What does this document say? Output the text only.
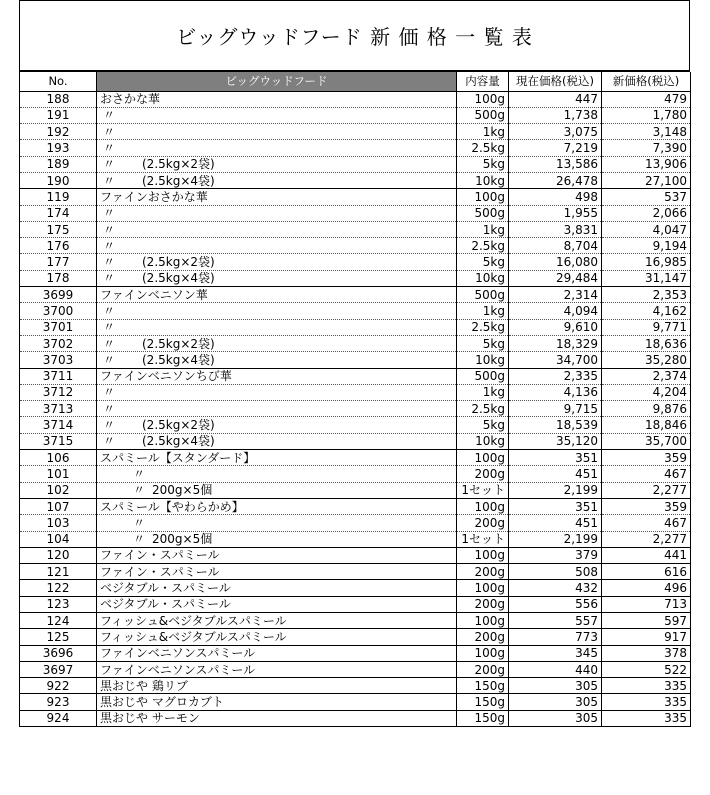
ビッグウッドフード 新 価 格 一 覧 表
No.	ビッグウッドフード	内容量	現在価格(税込)	新価格(税込)
188	おさかな華	100g	447	479
191	〃	500g	1,738	1,780
192	〃	1kg	3,075	3,148
193	〃	2.5kg	7,219	7,390
189	〃 (2.5kg×2袋)	5kg	13,586	13,906
190	〃 (2.5kg×4袋)	10kg	26,478	27,100
119	ファインおさかな華	100g	498	537
174	〃	500g	1,955	2,066
175	〃	1kg	3,831	4,047
176	〃	2.5kg	8,704	9,194
177	〃 (2.5kg×2袋)	5kg	16,080	16,985
178	〃 (2.5kg×4袋)	10kg	29,484	31,147
3699	ファインベニソン華	500g	2,314	2,353
3700	〃	1kg	4,094	4,162
3701	〃	2.5kg	9,610	9,771
3702	〃 (2.5kg×2袋)	5kg	18,329	18,636
3703	〃 (2.5kg×4袋)	10kg	34,700	35,280
3711	ファインベニソンちび華	500g	2,335	2,374
3712	〃	1kg	4,136	4,204
3713	〃	2.5kg	9,715	9,876
3714	〃 (2.5kg×2袋)	5kg	18,539	18,846
3715	〃 (2.5kg×4袋)	10kg	35,120	35,700
106	スパミール【スタンダード】	100g	351	359
101	〃	200g	451	467
102	〃 200g×5個	1セット	2,199	2,277
107	スパミール【やわらかめ】	100g	351	359
103	〃	200g	451	467
104	〃 200g×5個	1セット	2,199	2,277
120	ファイン・スパミール	100g	379	441
121	ファイン・スパミール	200g	508	616
122	ベジタブル・スパミール	100g	432	496
123	ベジタブル・スパミール	200g	556	713
124	フィッシュ&ベジタブルスパミール	100g	557	597
125	フィッシュ&ベジタブルスパミール	200g	773	917
3696	ファインベニソンスパミール	100g	345	378
3697	ファインベニソンスパミール	200g	440	522
922	黒おじや 鶏リブ	150g	305	335
923	黒おじや マグロカブト	150g	305	335
924	黒おじや サーモン	150g	305	335
